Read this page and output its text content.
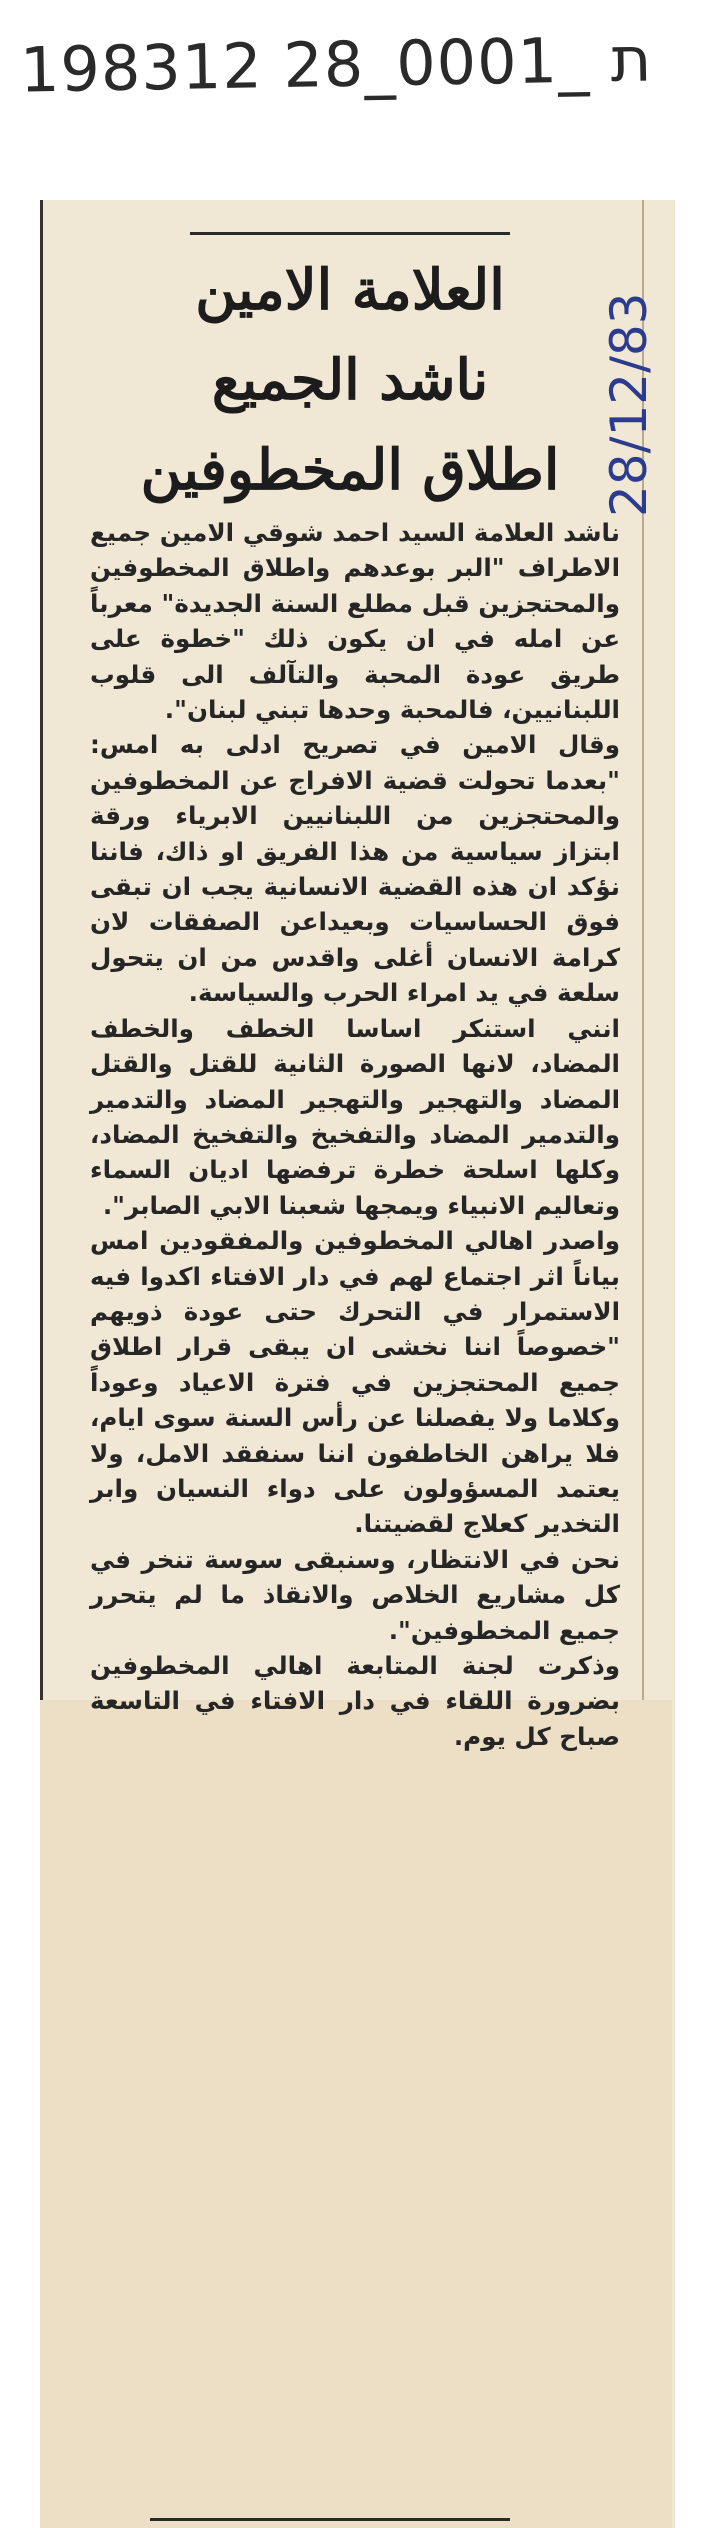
198312 28_0001_ ת
العلامة الامين
ناشد الجميع
اطلاق المخطوفين 28/12/83

ناشد العلامة السيد احمد شوقي الامين جميع الاطراف "البر بوعدهم واطلاق المخطوفين والمحتجزين قبل مطلع السنة الجديدة" معرباً عن امله في ان يكون ذلك "خطوة على طريق عودة المحبة والتآلف الى قلوب اللبنانيين، فالمحبة وحدها تبني لبنان".

وقال الامين في تصريح ادلى به امس: "بعدما تحولت قضية الافراج عن المخطوفين والمحتجزين من اللبنانيين الابرياء ورقة ابتزاز سياسية من هذا الفريق او ذاك، فاننا نؤكد ان هذه القضية الانسانية يجب ان تبقى فوق الحساسيات وبعيداعن الصفقات لان كرامة الانسان أغلى واقدس من ان يتحول سلعة في يد امراء الحرب والسياسة.

انني استنكر اساسا الخطف والخطف المضاد، لانها الصورة الثانية للقتل والقتل المضاد والتهجير والتهجير المضاد والتدمير والتدمير المضاد والتفخيخ والتفخيخ المضاد، وكلها اسلحة خطرة ترفضها اديان السماء وتعاليم الانبياء ويمجها شعبنا الابي الصابر".

واصدر اهالي المخطوفين والمفقودين امس بياناً اثر اجتماع لهم في دار الافتاء اكدوا فيه الاستمرار في التحرك حتى عودة ذويهم "خصوصاً اننا نخشى ان يبقى قرار اطلاق جميع المحتجزين في فترة الاعياد وعوداً وكلاما ولا يفصلنا عن رأس السنة سوى ايام، فلا يراهن الخاطفون اننا سنفقد الامل، ولا يعتمد المسؤولون على دواء النسيان وابر التخدير كعلاج لقضيتنا.

نحن في الانتظار، وسنبقى سوسة تنخر في كل مشاريع الخلاص والانقاذ ما لم يتحرر جميع المخطوفين".

وذكرت لجنة المتابعة اهالي المخطوفين بضرورة اللقاء في دار الافتاء في التاسعة صباح كل يوم.
